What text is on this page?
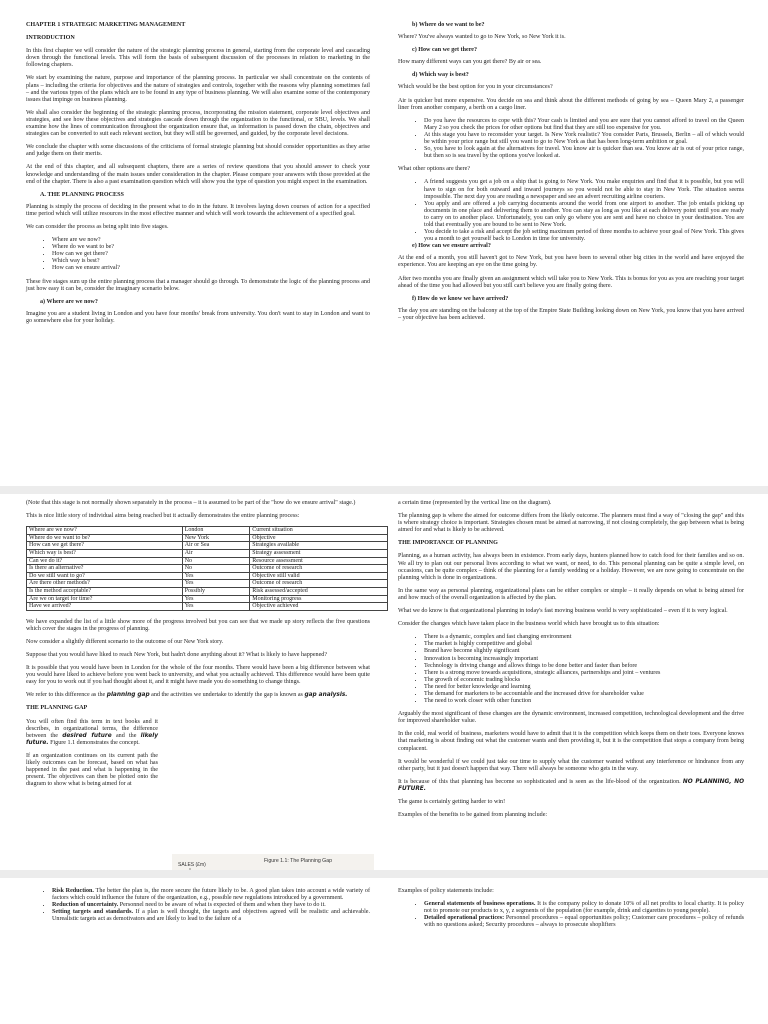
CHAPTER 1 STRATEGIC MARKETING MANAGEMENT
INTRODUCTION

In this first chapter we will consider the nature of the strategic planning process in general, starting from the corporate level and cascading down through the functional levels. This will form the basis of subsequent discussion of the processes in relation to marketing in the following chapters.

We start by examining the nature, purpose and importance of the planning process. In particular we shall concentrate on the contents of plans – including the criteria for objectives and the nature of strategies and controls, together with the reasons why planning sometimes fail – and the various types of the plans which are to be found in any type of business planning. We will also examine some of the contemporary issues that impinge on business planning.

We shall also consider the beginning of the strategic planning process, incorporating the mission statement, corporate level objectives and strategies, and see how these objectives and strategies cascade down through the organization to the functional, or SBU, levels. We shall examine how the lines of communication throughout the organization ensure that, as information is passed down the chain, objectives and strategies can be converted to suit each relevant section, but they will still be governed, and guided, by the corporate level decisions.

We conclude the chapter with some discussions of the criticisms of formal strategic planning but should consider opportunities as they arise and judge them on their merits.

At the end of this chapter, and all subsequent chapters, there are a series of review questions that you should answer to check your knowledge and understanding of the main issues under consideration in the chapter. Please compare your answers with those provided at the end of the chapter. There is also a past examination question which will show you the type of question you might expect in the examination.

A. THE PLANNING PROCESS

Planning is simply the process of deciding in the present what to do in the future. It involves laying down courses of action for a specified time period which will utilize resources in the most effective manner and which will work towards the achievement of a specified goal.

We can consider the process as being split into five stages.

• Where are we now?
• Where do we want to be?
• How can we get there?
• Which way is best?
• How can we ensure arrival?

These five stages sum up the entire planning process that a manager should go through. To demonstrate the logic of the planning process and just how easy it can be, consider the imaginary scenario below.

a) Where are we now?

Imagine you are a student living in London and you have four months' break from university. You don't want to stay in London and want to go somewhere else for your holiday.

b) Where do we want to be?

Where? You've always wanted to go to New York, so New York it is.

c) How can we get there?

How many different ways can you get there? By air or sea.

d) Which way is best?

Which would be the best option for you in your circumstances?

Air is quicker but more expensive. You decide on sea and think about the different methods of going by sea – Queen Mary 2, a passenger liner from another company, a berth on a cargo liner.

• Do you have the resources to cope with this? Your cash is limited and you are sure that you cannot afford to travel on the Queen Mary 2 so you check the prices for other options but find that they are still too expensive for you.
• At this stage you have to reconsider your target. Is New York realistic? You consider Paris, Brussels, Berlin – all of which would be within your price range but still you want to go to New York as that has been long-term ambition or goal.
• So, you have to look again at the alternatives for travel. You know air is quicker than sea. You know air is out of your price range, but then so is sea travel by the options you've looked at.

What other options are there?

• A friend suggests you get a job on a ship that is going to New York. You make enquiries and find that it is possible, but you will have to sign on for both outward and inward journeys so you would not be able to stay in New York. The situation seems impossible. The next day you are reading a newspaper and see an advert recruiting airline couriers.
• You apply and are offered a job carrying documents around the world from one airport to another. The job entails picking up documents in one place and delivering them to another. You can stay as long as you like at each delivery point until you are ready to carry on to another place. Unfortunately, you can only go where you are sent and have no choice in your destination. You are told that eventually you are bound to be sent to New York.
• You decide to take a risk and accept the job setting maximum period of three months to achieve your goal of New York. This gives you a month to get yourself back to London in time for university.
e) How can we ensure arrival?

At the end of a month, you still haven't got to New York, but you have been to several other big cities in the world and have enjoyed the experience. You are keeping an eye on the time going by.

After two months you are finally given an assignment which will take you to New York. This is bonus for you as you are reaching your target ahead of the time you had allowed but you still can't believe you are finally going there.

f) How do we know we have arrived?

The day you are standing on the balcony at the top of the Empire State Building looking down on New York, you know that you have arrived – your objective has been achieved.

(Note that this stage is not normally shown separately in the process – it is assumed to be part of the "how do we ensure arrival" stage.)

This is nice little story of individual aims being reached but it actually demonstrates the entire planning process:

Where are we now?	London	Current situation
Where do we want to be?	New York	Objective
How can we get there?	Air or Sea	Strategies available
Which way is best?	Air	Strategy assessment
Can we do it?	No	Resource assessment
Is there an alternative?	No	Outcome of research
Do we still want to go?	Yes	Objective still valid
Are there other methods?	Yes	Outcome of research
Is the method acceptable?	Possibly	Risk assessed/accepted
Are we on target for time?	Yes	Monitoring progress
Have we arrived?	Yes	Objective achieved

We have expanded the list of a little show more of the progress involved but you can see that we made up story reflects the five questions which cover the stages in the progress of planning.

Now consider a slightly different scenario to the outcome of our New York story.

Suppose that you would have liked to reach New York, but hadn't done anything about it? What is likely to have happened?

It is possible that you would have been in London for the whole of the four months. There would have been a big difference between what you would have liked to achieve before you went back to university, and what you actually achieved. This difference would have been quite easy for you to work out if you had thought about it, and it might have made you do something to change things.

We refer to this difference as the planning gap and the activities we undertake to identify the gap is known as gap analysis.

THE PLANNING GAP

You will often find this term in text books and it describes, in organizational terms, the difference between the desired future and the likely future. Figure 1.1 demonstrates the concept.

If an organization continues on its current path the likely outcomes can be forecast, based on what has happened in the past and what is happening in the present. The objectives can then be plotted onto the diagram to show what is being aimed for at

Figure 1.1: The Planning Gap
SALES (£m)

a certain time (represented by the vertical line on the diagram).

The planning gap is where the aimed for outcome differs from the likely outcome. The planners must find a way of "closing the gap" and this is where strategy choice is important. Strategies chosen must be aimed at narrowing, if not closing completely, the gap between what is being aimed for and what is likely to be achieved.

THE IMPORTANCE OF PLANNING

Planning, as a human activity, has always been in existence. From early days, hunters planned how to catch food for their families and so on. We all try to plan out our personal lives according to what we want, or need, to do. This personal planning can be quite a simple level, on occasions, can be quite complex – think of the planning for a family wedding or a holiday. However, we are now going to concentrate on the planning which is done in organizations.

In the same way as personal planning, organizational plans can be either complex or simple – it really depends on what is being aimed for and how much of the overall organization is affected by the plan.

What we do know is that organizational planning in today's fast moving business world is very sophisticated – even if it is very logical.

Consider the changes which have taken place in the business world which have brought us to this situation:

• There is a dynamic, complex and fast changing environment
• The market is highly competitive and global
• Brand have become slightly significant
• Innovation is becoming increasingly important
• Technology is driving change and allows things to be done better and faster than before
• There is a strong move towards acquisitions, strategic alliances, partnerships and joint – ventures
• The growth of economic trading blocks
• The need for better knowledge and learning
• The demand for marketers to be accountable and the increased drive for shareholder value
• The need to work closer with other function

Arguably the most significant of these changes are the dynamic environment, increased competition, technological development and the drive for improved shareholder value.

In the cold, real world of business, marketers would have to admit that it is the competition which keeps them on their toes. Everyone knows that marketing is about finding out what the customer wants and then providing it, but it is the competition that stops a company from being complacent.

It would be wonderful if we could just take our time to supply what the customer wanted without any interference or hindrance from any other party, but it just doesn't happen that way. There will always be someone who gets in the way.

It is because of this that planning has become so sophisticated and is seen as the life-blood of the organization. NO PLANNING, NO FUTURE.

The game is certainly getting harder to win!

Examples of the benefits to be gained from planning include:

• Risk Reduction. The better the plan is, the more secure the future likely to be. A good plan takes into account a wide variety of factors which could influence the future of the organization, e.g., possible new regulations introduced by a government.
• Reduction of uncertainty. Personnel need to be aware of what is expected of them and when they have to do it.
• Setting targets and standards. If a plan is well thought, the targets and objectives agreed will be realistic and achievable. Unrealistic targets act as demotivators and are likely to lead to the failure of a

Examples of policy statements include:

• General statements of business operations. It is the company policy to donate 10% of all net profits to local charity. It is policy not to promote our products to x, y, z segments of the population (for example, drink and cigarettes to young people).
• Detailed operational practices: Personnel procedures – equal opportunities policy; Customer care procedures – policy of refunds with no questions asked; Security procedures – always to prosecute shoplifters
